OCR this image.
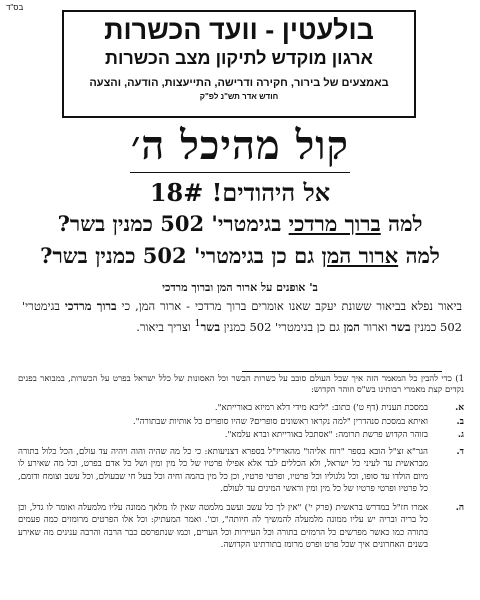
בס"ד
בולעטין - וועד הכשרות
ארגון מוקדש לתיקון מצב הכשרות
באמצעים של בירור, חקירה ודרישה, התייעצות, הודעה, והצעה
חודש אדר תש"נ לפ"ק
קול מהיכל ה׳
אל היהודים! 18#
למה ברוך מרדכי בגימטרי' 502 כמנין בשר?
למה ארור המן גם כן בגימטרי' 502 כמנין בשר?
ב' אופנים על ארור המן וברוך מרדכי
ביאור נפלא בביאור ששונת יעקב שאנו אומרים ברוך מרדכי - ארור המן, כי ברוך מרדכי בגימטרי' 502 כמנין בשר וארור המן גם כן בגימטרי' 502 כמנין בשר$^1$ וצריך ביאור.
1) כדי להבין כל המאמר הזה איך שכל העולם סובב על כשרות הבשר וכל האסונות של כלל ישראל בפרט על הכשרות, במבואר בפנים נקדים קצת מאמרי רבותינו בש"ס וזוהר הקדוש:
א.
במסכת תענית (דף ט') כתוב: "ליכא מידי דלא רמיזא באורייתא".
ב.
ואיתא במסכת סנהדרין "למה נקראו ראשונים סופרים? שהיו סופרים כל אותיות שבתורה".
ג.
בזוהר הקדוש פרשת תרומה: "אסתכל באורייתא וברא עלמא".
ד.
הגר"א זצ"ל הובא בספר "רוח אליהו" מהאריז"ל בספרא דצניעותא: כי כל מה שהיה והוה ויהיה עד עולם, הכל כלול בתורה מבראשית עד לעיני כל ישראל, ולא הכללים לבד אלא אפילו פרטיו של כל מין ומין ושל כל אדם בפרט, וכל מה שאירע לו מיום הולדו עד סופו, וכל גלגוליו וכל פרטיו, ופרטי פרטיו, וכן כל מין בהמה וחיה וכל בעל חי שבעולם, וכל עשב וצומח ודומם, כל פרטיו ופרטי פרטיו של כל מין ומין וראשי המינים עד לעולם.
ה.
אמרו חז"ל במדרש בראשית (פרק י') "אין לך כל עשב ועשב מלמטה שאין לו מלאך ממונה עליו מלמעלה ואומר לו גדל, וכן כל בריה ובריה יש עליו ממונה מלמעלה להמשיך לה חיותה", וכו'. ואמר המעתיק: וכל אלו הפרטים מרומזים כמה פעמים בתורה כמו כאשר מפרשים כל הרמזים בתורה וכל העיירות וכל הערים, וכמו שנתפרסם כבר הרבה והרבה ענינים מה שאירע בשנים האחרונים איך שכל פרט ופרט מרומז בתורתינו הקדושה.
